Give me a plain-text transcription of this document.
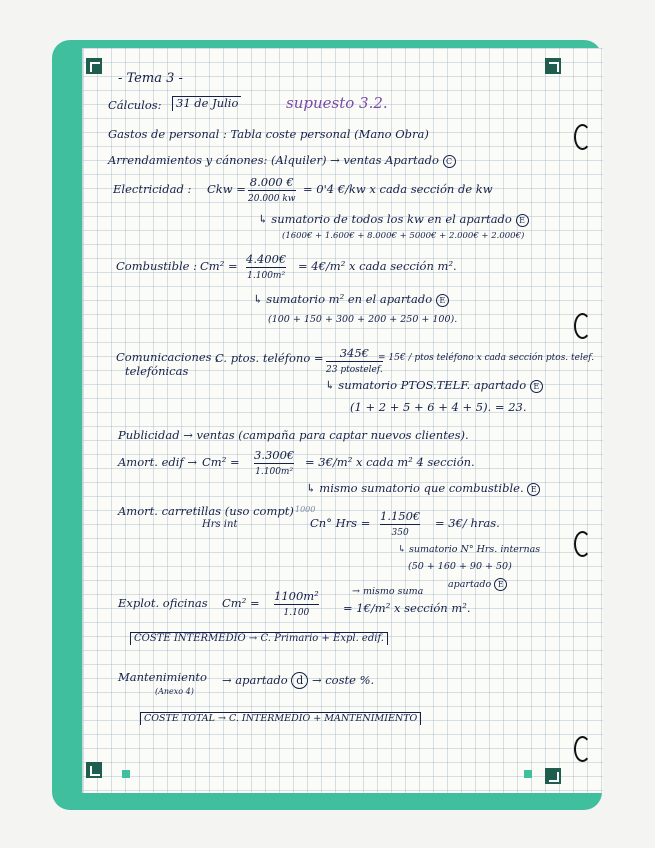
- Tema 3 -
Cálculos:	31 de Julio	supuesto 3.2.
Gastos de personal : Tabla coste personal (Mano Obra)
Arrendamientos y cánones: (Alquiler) → ventas Apartado C
Electricidad : Ckw = 8.000 €
20.000 kw
= 0'4 €/kw x cada sección de kw
↳ sumatorio de todos los kw en el apartado E
(1600€ + 1.600€ + 8.000€ + 5000€ + 2.000€ + 2.000€)
Combustible : Cm² = 4.400€
1.100m²
= 4€/m² x cada sección m².
↳ sumatorio m² en el apartado E
(100 + 150 + 300 + 200 + 250 + 100).
Comunicaciones ,
telefónicas
C. ptos. teléfono =	345€
23 ptostelef.
= 15€ / ptos teléfono x cada sección ptos. telef.
↳ sumatorio PTOS.TELF. apartado E
(1 + 2 + 5 + 6 + 4 + 5). = 23.
Publicidad → ventas (campaña para captar nuevos clientes).
Amort. edif → Cm² = 3.300€
1.100m²
= 3€/m² x cada m² 4 sección.
↳ mismo sumatorio que combustible. E
Amort. carretillas (uso compt)
Hrs int
1000
Cn° Hrs = 1.150€
350
= 3€/ hras.
↳ sumatorio N° Hrs. internas
(50 + 160 + 90 + 50)
apartado E
Explot. oficinas Cm² = 1100m²
1.100	= 1€/m² x sección m².
→ mismo suma
COSTE INTERMEDIO → C. Primario + Expl. edif.
Mantenimiento
(Anexo 4)
→ apartado d → coste %.
COSTE TOTAL → C. INTERMEDIO + MANTENIMIENTO
